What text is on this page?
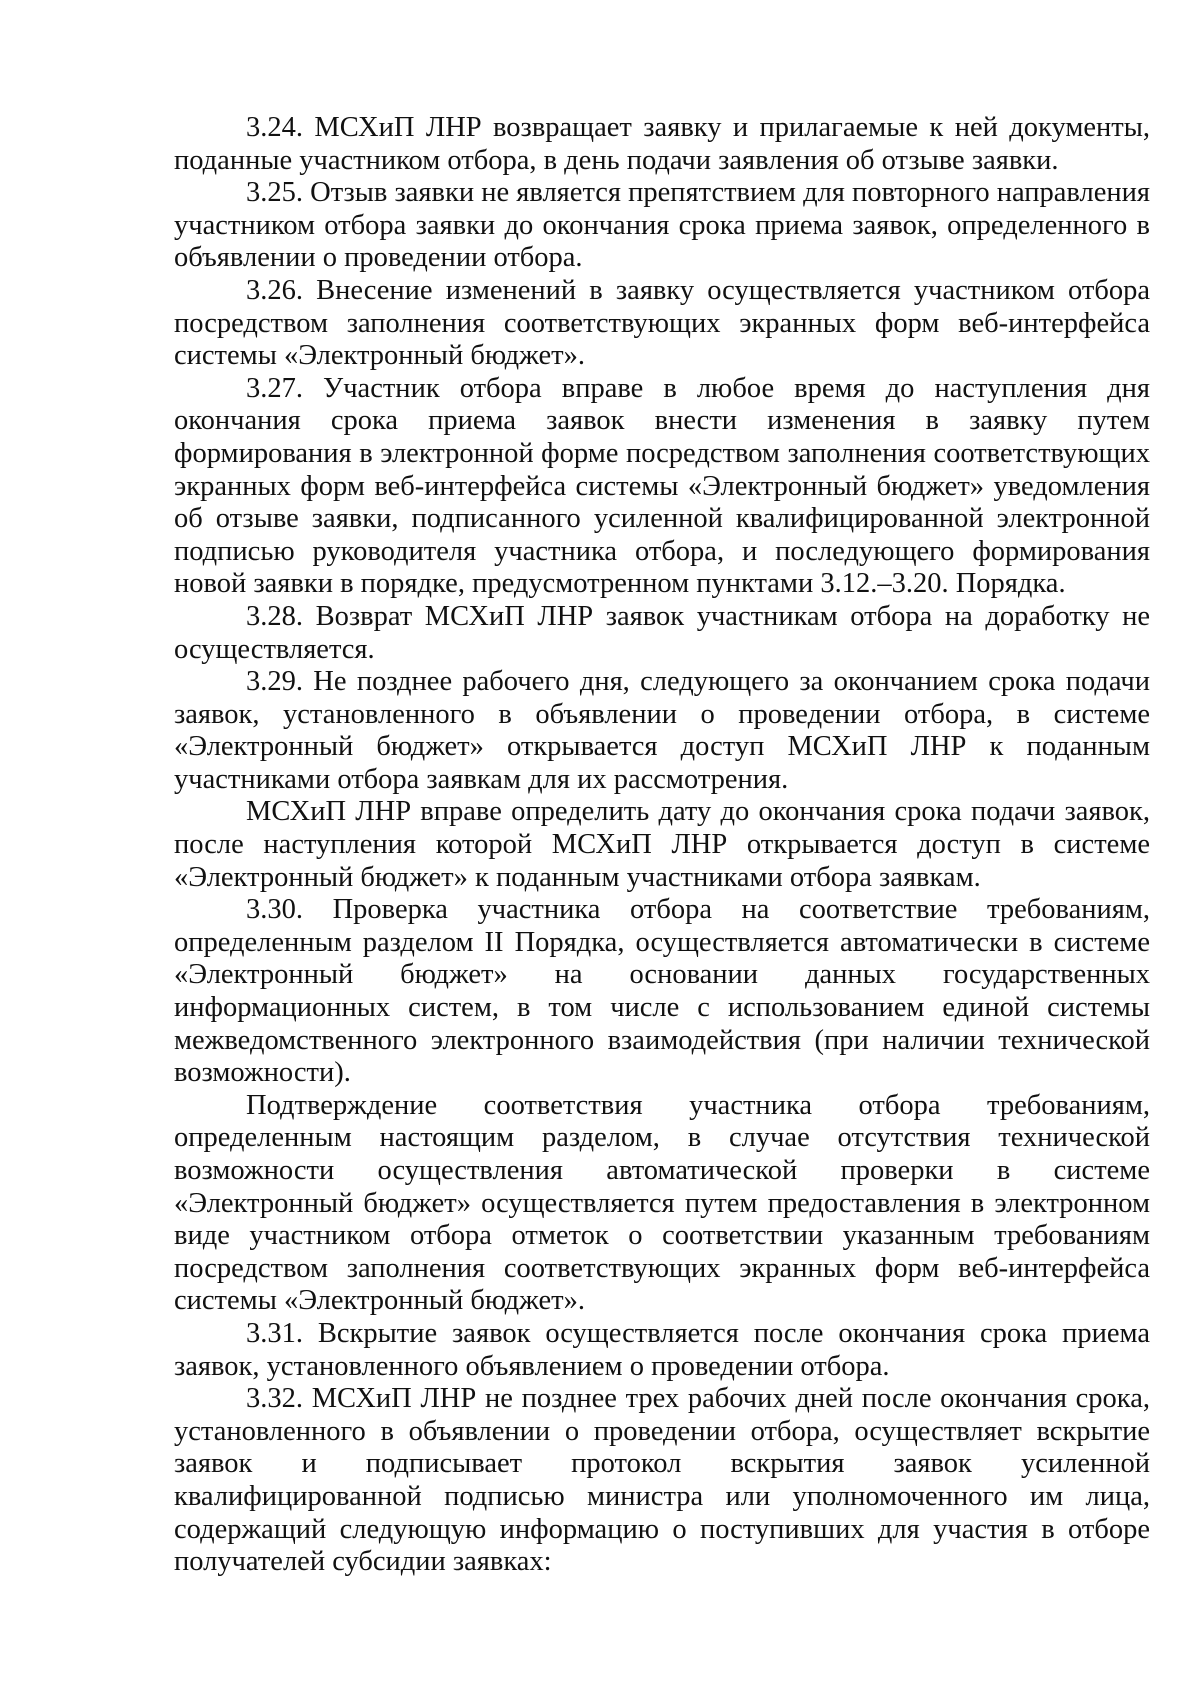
3.24. МСХиП ЛНР возвращает заявку и прилагаемые к ней документы, поданные участником отбора, в день подачи заявления об отзыве заявки.

3.25. Отзыв заявки не является препятствием для повторного направления участником отбора заявки до окончания срока приема заявок, определенного в объявлении о проведении отбора.

3.26. Внесение изменений в заявку осуществляется участником отбора посредством заполнения соответствующих экранных форм веб-интерфейса системы «Электронный бюджет».

3.27. Участник отбора вправе в любое время до наступления дня окончания срока приема заявок внести изменения в заявку путем формирования в электронной форме посредством заполнения соответствующих экранных форм веб-интерфейса системы «Электронный бюджет» уведомления об отзыве заявки, подписанного усиленной квалифицированной электронной подписью руководителя участника отбора, и последующего формирования новой заявки в порядке, предусмотренном пунктами 3.12.–3.20. Порядка.

3.28. Возврат МСХиП ЛНР заявок участникам отбора на доработку не осуществляется.

3.29. Не позднее рабочего дня, следующего за окончанием срока подачи заявок, установленного в объявлении о проведении отбора, в системе «Электронный бюджет» открывается доступ МСХиП ЛНР к поданным участниками отбора заявкам для их рассмотрения.

МСХиП ЛНР вправе определить дату до окончания срока подачи заявок, после наступления которой МСХиП ЛНР открывается доступ в системе «Электронный бюджет» к поданным участниками отбора заявкам.

3.30. Проверка участника отбора на соответствие требованиям, определенным разделом II Порядка, осуществляется автоматически в системе «Электронный бюджет» на основании данных государственных информационных систем, в том числе с использованием единой системы межведомственного электронного взаимодействия (при наличии технической возможности).

Подтверждение соответствия участника отбора требованиям, определенным настоящим разделом, в случае отсутствия технической возможности осуществления автоматической проверки в системе «Электронный бюджет» осуществляется путем предоставления в электронном виде участником отбора отметок о соответствии указанным требованиям посредством заполнения соответствующих экранных форм веб-интерфейса системы «Электронный бюджет».

3.31. Вскрытие заявок осуществляется после окончания срока приема заявок, установленного объявлением о проведении отбора.

3.32. МСХиП ЛНР не позднее трех рабочих дней после окончания срока, установленного в объявлении о проведении отбора, осуществляет вскрытие заявок и подписывает протокол вскрытия заявок усиленной квалифицированной подписью министра или уполномоченного им лица, содержащий следующую информацию о поступивших для участия в отборе получателей субсидии заявках:
